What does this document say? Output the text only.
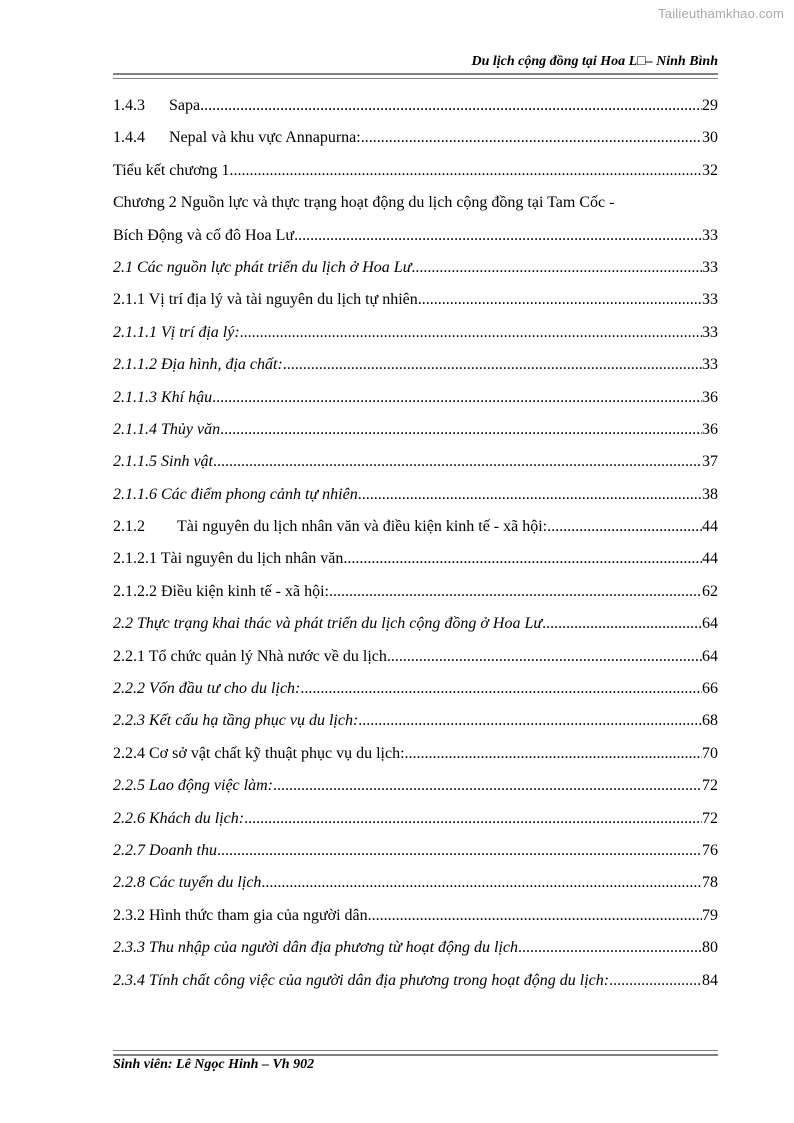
Tailieuthamkhao.com
Du lịch cộng đồng tại Hoa L□– Ninh Bình
1.4.3 Sapa .....	29
1.4.4 Nepal và khu vực Annapurna: .....	30
Tiểu kết chương 1 .....	32
Chương 2 Nguồn lực và thực trạng hoạt động du lịch cộng đồng tại Tam Cốc -
Bích Động và cố đô Hoa Lư. .....	33
2.1 Các nguồn lực phát triển du lịch ở Hoa Lư .....	33
2.1.1 Vị trí địa lý và tài nguyên du lịch tự nhiên. .....	33
2.1.1.1 Vị trí địa lý: .....	33
2.1.1.2 Địa hình, địa chất: .....	33
2.1.1.3 Khí hậu .....	36
2.1.1.4 Thủy văn .....	36
2.1.1.5 Sinh vật .....	37
2.1.1.6 Các điểm phong cảnh tự nhiên .....	38
2.1.2 Tài nguyên du lịch nhân văn và điều kiện kinh tế - xã hội: .....	44
2.1.2.1 Tài nguyên du lịch nhân văn .....	44
2.1.2.2 Điều kiện kinh tế - xã hội: .....	62
2.2 Thực trạng khai thác và phát triển du lịch cộng đồng ở Hoa Lư .....	64
2.2.1 Tổ chức quản lý Nhà nước về du lịch .....	64
2.2.2 Vốn đầu tư cho du lịch: .....	66
2.2.3 Kết cấu hạ tầng phục vụ du lịch: .....	68
2.2.4 Cơ sở vật chất kỹ thuật phục vụ du lịch: .....	70
2.2.5 Lao động việc làm: .....	72
2.2.6 Khách du lịch: .....	72
2.2.7 Doanh thu .....	76
2.2.8 Các tuyến du lịch .....	78
2.3.2 Hình thức tham gia của người dân .....	79
2.3.3 Thu nhập của người dân địa phương từ hoạt động du lịch .....	80
2.3.4 Tính chất công việc của người dân địa phương trong hoạt động du lịch: .....	84
Sinh viên: Lê Ngọc Hinh – Vh 902
